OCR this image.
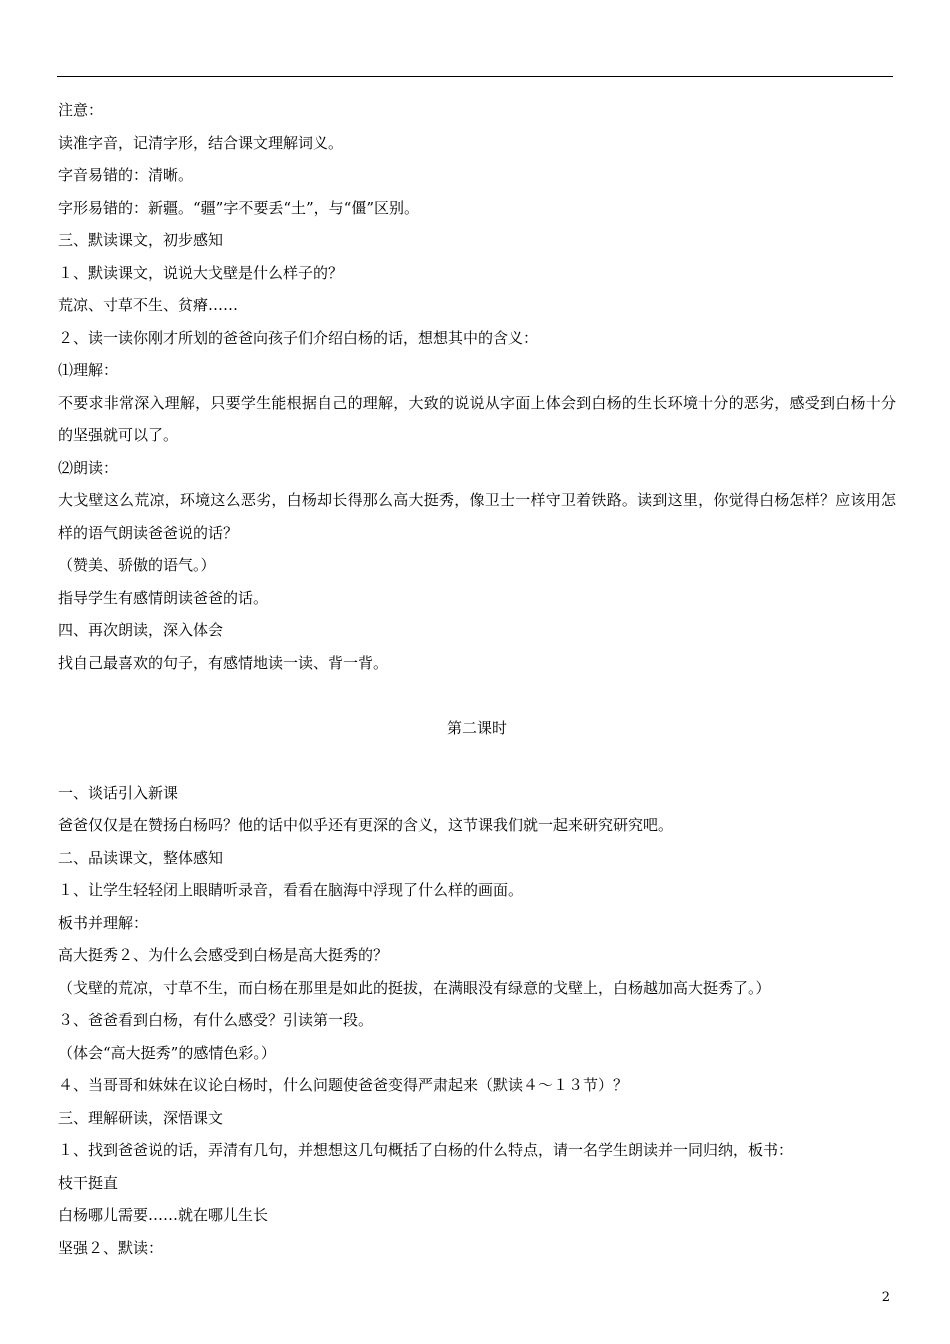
注意：
读准字音，记清字形，结合课文理解词义。
字音易错的：清晰。
字形易错的：新疆。“疆”字不要丢“土”，与“僵”区别。
三、默读课文，初步感知
１、默读课文，说说大戈壁是什么样子的？
荒凉、寸草不生、贫瘠……
２、读一读你刚才所划的爸爸向孩子们介绍白杨的话，想想其中的含义：
⑴理解：
不要求非常深入理解，只要学生能根据自己的理解，大致的说说从字面上体会到白杨的生长环境十分的恶劣，感受到白杨十分的坚强就可以了。
⑵朗读：
大戈壁这么荒凉，环境这么恶劣，白杨却长得那么高大挺秀，像卫士一样守卫着铁路。读到这里，你觉得白杨怎样？应该用怎样的语气朗读爸爸说的话？
（赞美、骄傲的语气。）
指导学生有感情朗读爸爸的话。
四、再次朗读，深入体会
找自己最喜欢的句子，有感情地读一读、背一背。
第二课时
一、谈话引入新课
爸爸仅仅是在赞扬白杨吗？他的话中似乎还有更深的含义，这节课我们就一起来研究研究吧。
二、品读课文，整体感知
１、让学生轻轻闭上眼睛听录音，看看在脑海中浮现了什么样的画面。
板书并理解：
高大挺秀２、为什么会感受到白杨是高大挺秀的？
（戈壁的荒凉，寸草不生，而白杨在那里是如此的挺拔，在满眼没有绿意的戈壁上，白杨越加高大挺秀了。）
３、爸爸看到白杨，有什么感受？引读第一段。
（体会“高大挺秀”的感情色彩。）
４、当哥哥和妹妹在议论白杨时，什么问题使爸爸变得严肃起来（默读４～１３节）？
三、理解研读，深悟课文
１、找到爸爸说的话，弄清有几句，并想想这几句概括了白杨的什么特点，请一名学生朗读并一同归纳，板书：
枝干挺直
白杨哪儿需要……就在哪儿生长
坚强２、默读：
2
